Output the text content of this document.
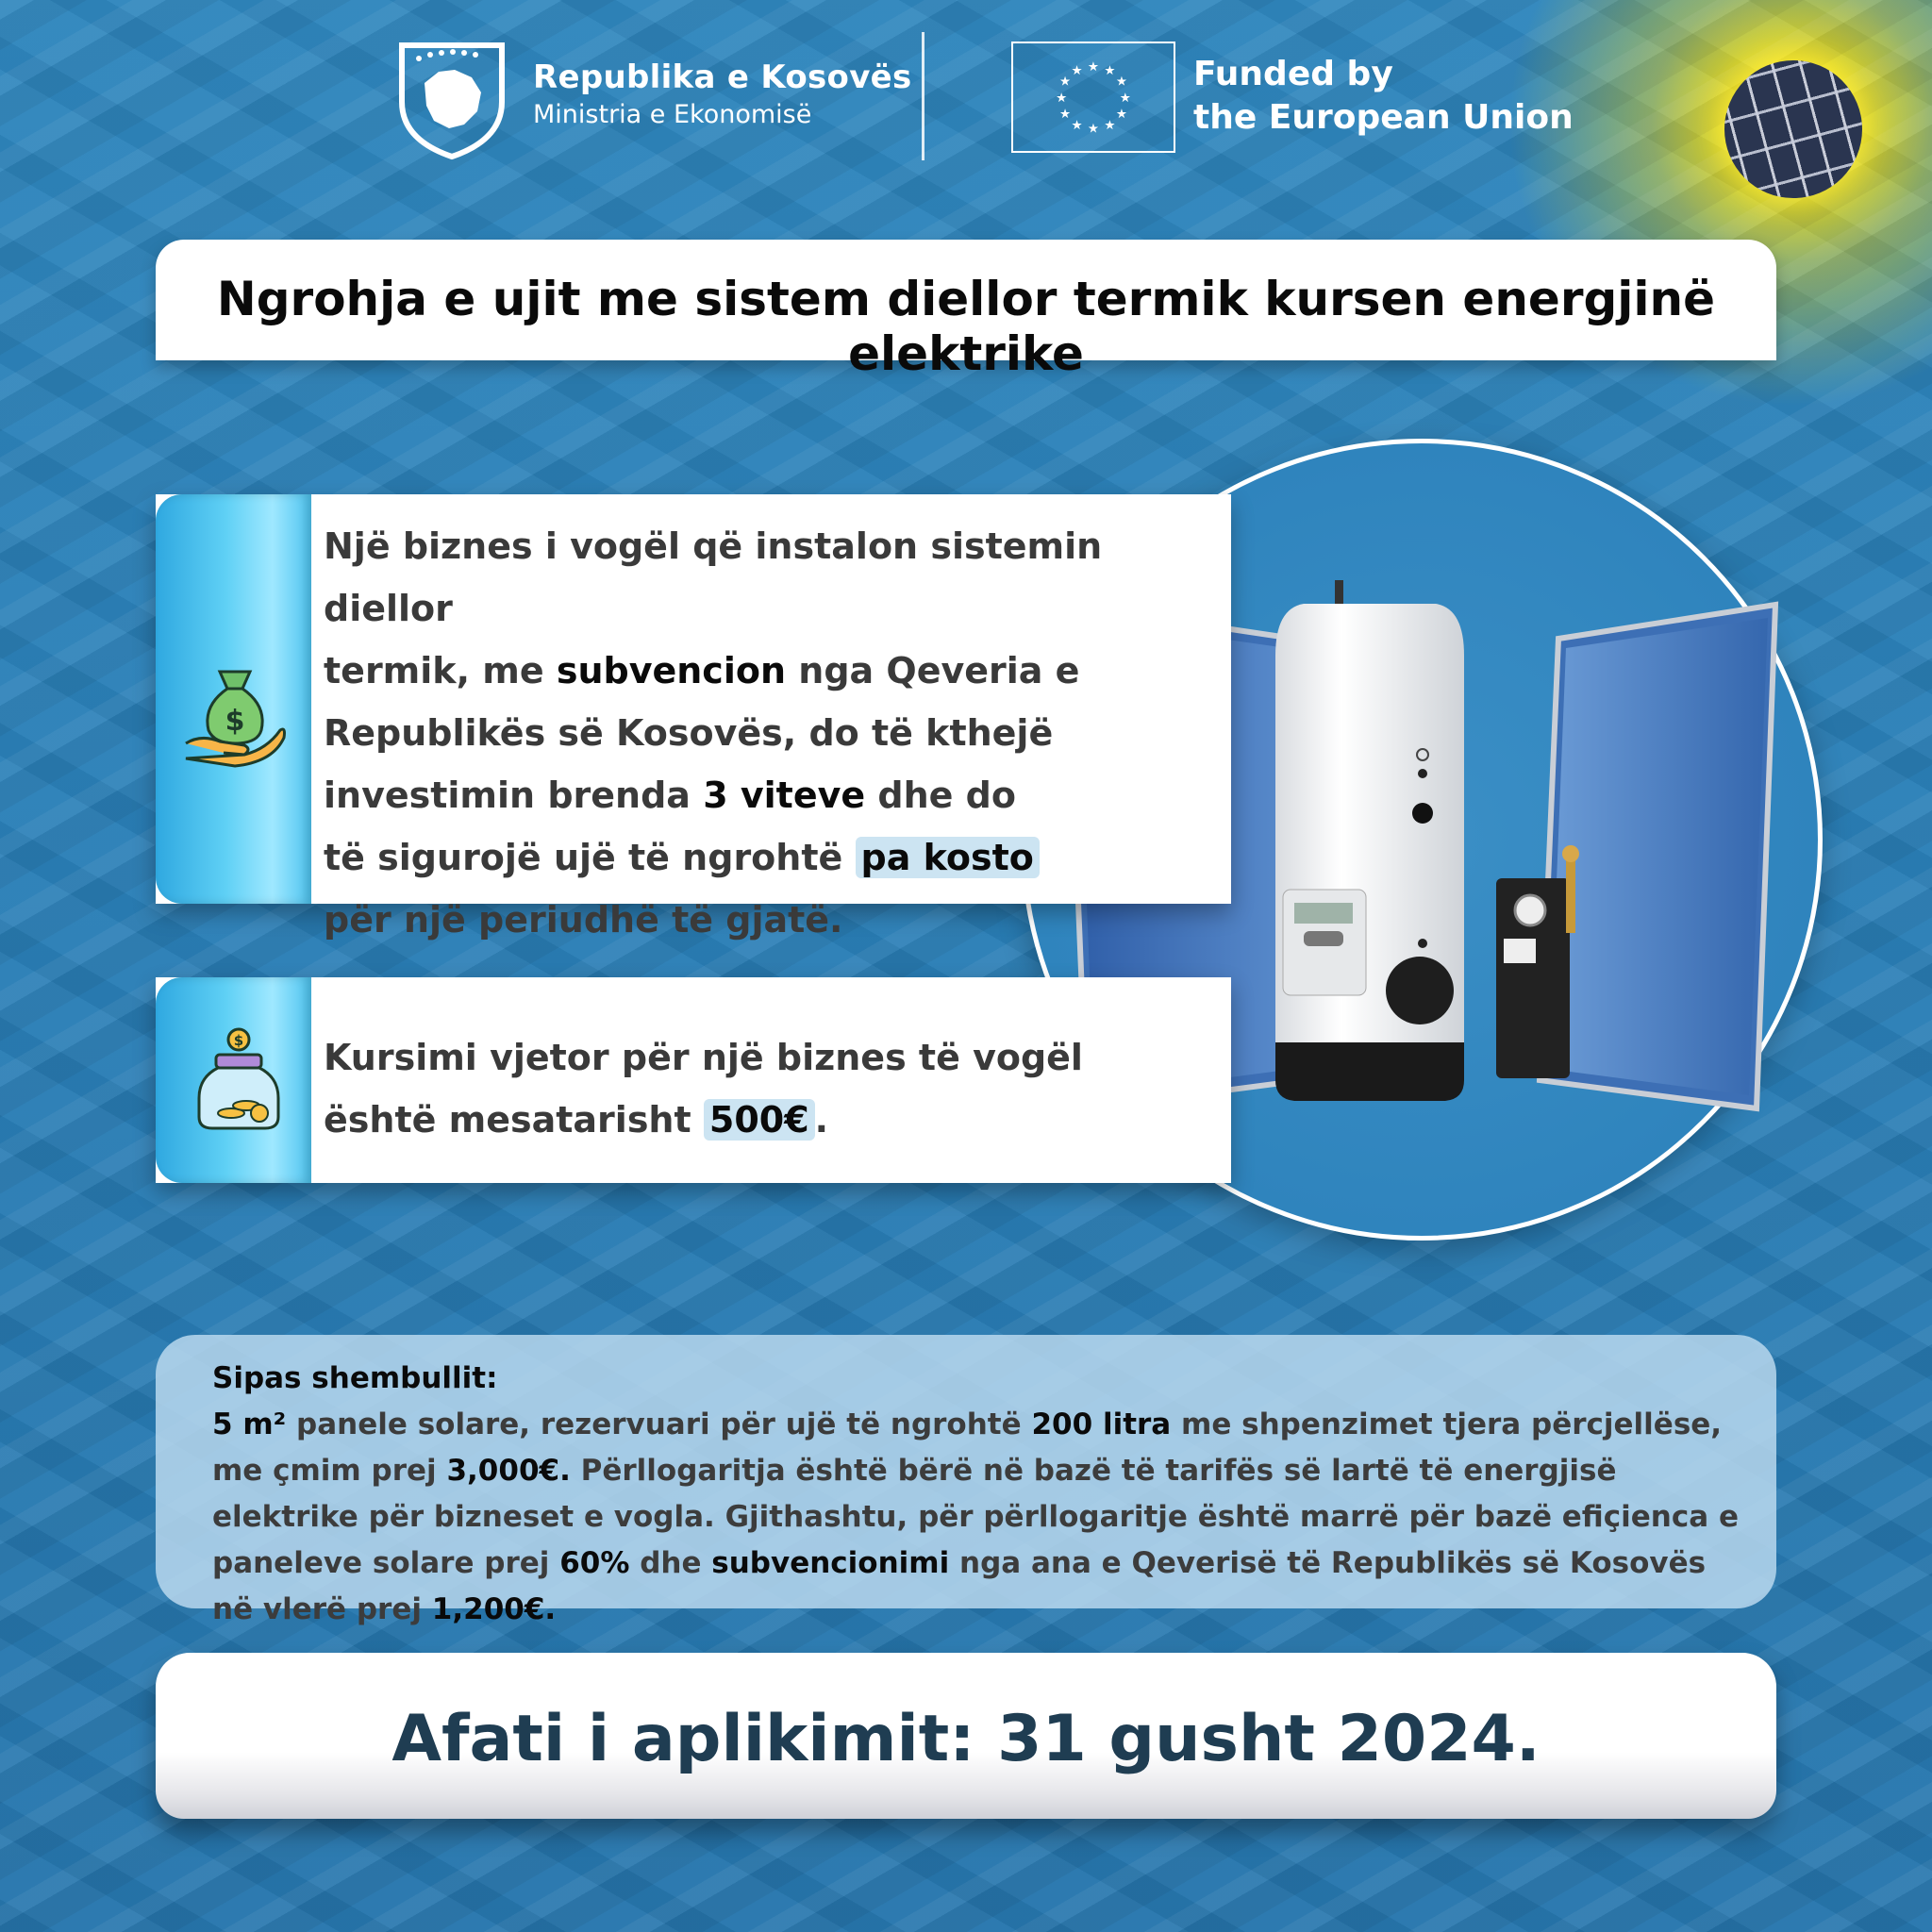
Republika e Kosovës
Ministria e Ekonomisë
★ ★
★
★
★
★
★
★
★
★
★
★	Funded by
the European Union
Ngrohja e ujit me sistem diellor termik kursen energjinë elektrike
$
Një biznes i vogël që instalon sistemin diellor
termik, me subvencion nga Qeveria e
Republikës së Kosovës, do të kthejë
investimin brenda 3 viteve dhe do
të sigurojë ujë të ngrohtë pa kosto
për një periudhë të gjatë.
$ Kursimi vjetor për një biznes të vogël
është mesatarisht 500€ .
Sipas shembullit:
5 m² panele solare, rezervuari për ujë të ngrohtë 200 litra me shpenzimet tjera përcjellëse, me çmim prej 3,000€. Përllogaritja është bërë në bazë të tarifës së lartë të energjisë elektrike për bizneset e vogla. Gjithashtu, për përllogaritje është marrë për bazë efiçienca e paneleve solare prej 60% dhe subvencionimi nga ana e Qeverisë të Republikës së Kosovës në vlerë prej 1,200€.
Afati i aplikimit: 31 gusht 2024.
